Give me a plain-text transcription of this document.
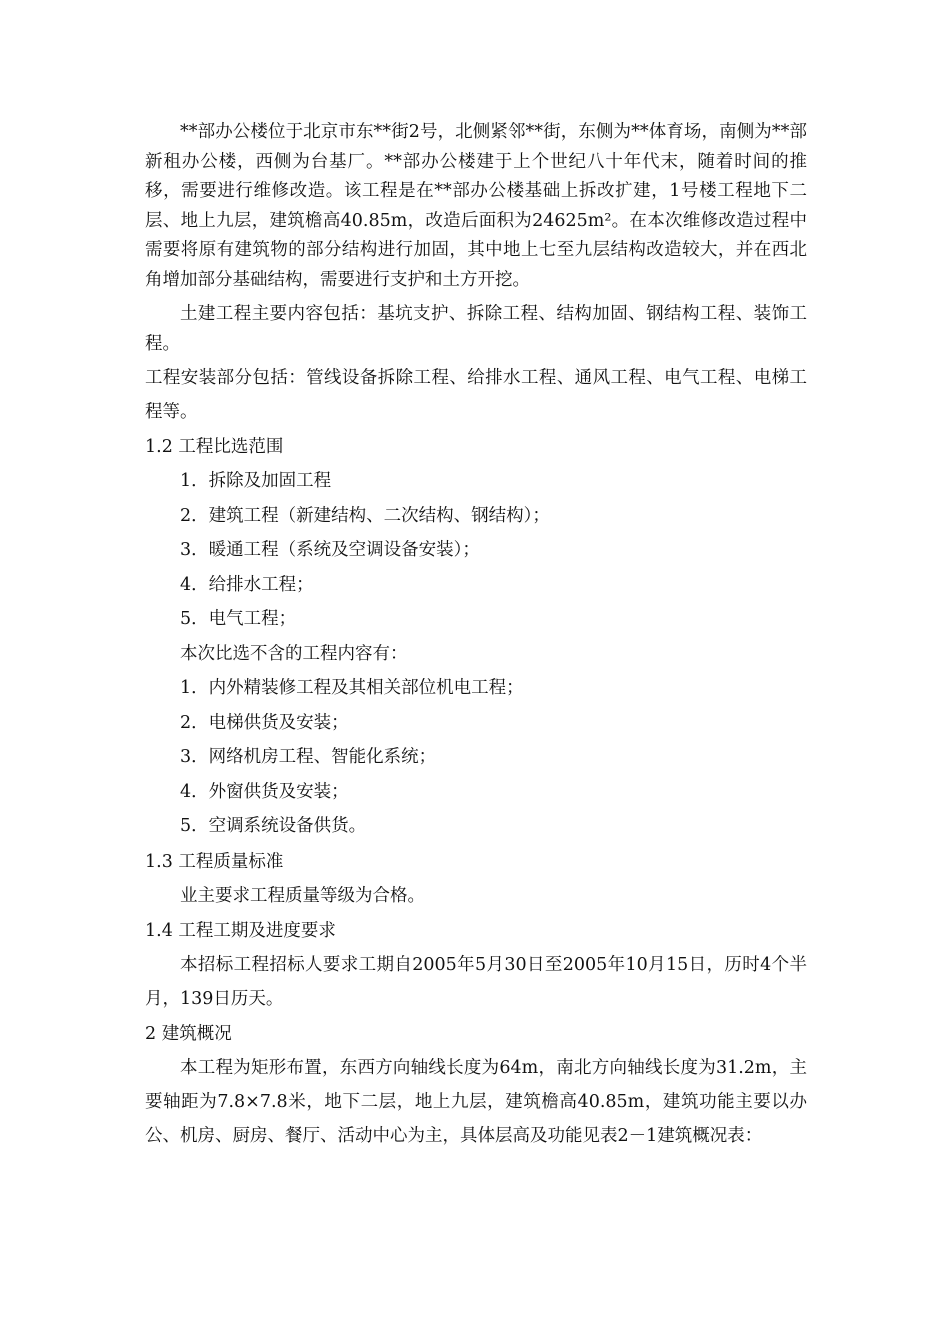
**部办公楼位于北京市东**街2号，北侧紧邻**街，东侧为**体育场，南侧为**部新租办公楼，西侧为台基厂。**部办公楼建于上个世纪八十年代末，随着时间的推移，需要进行维修改造。该工程是在**部办公楼基础上拆改扩建，1号楼工程地下二层、地上九层，建筑檐高40.85m，改造后面积为24625m²。在本次维修改造过程中需要将原有建筑物的部分结构进行加固，其中地上七至九层结构改造较大，并在西北角增加部分基础结构，需要进行支护和土方开挖。

土建工程主要内容包括：基坑支护、拆除工程、结构加固、钢结构工程、装饰工程。

工程安装部分包括：管线设备拆除工程、给排水工程、通风工程、电气工程、电梯工程等。

1.2 工程比选范围

1．拆除及加固工程

2．建筑工程（新建结构、二次结构、钢结构）；

3．暖通工程（系统及空调设备安装）；

4．给排水工程；

5．电气工程；

本次比选不含的工程内容有：

1．内外精装修工程及其相关部位机电工程；

2．电梯供货及安装；

3．网络机房工程、智能化系统；

4．外窗供货及安装；

5．空调系统设备供货。

1.3 工程质量标准

业主要求工程质量等级为合格。

1.4 工程工期及进度要求

本招标工程招标人要求工期自2005年5月30日至2005年10月15日，历时4个半月，139日历天。

2 建筑概况

本工程为矩形布置，东西方向轴线长度为64m，南北方向轴线长度为31.2m，主要轴距为7.8×7.8米，地下二层，地上九层，建筑檐高40.85m，建筑功能主要以办公、机房、厨房、餐厅、活动中心为主，具体层高及功能见表2－1建筑概况表：
